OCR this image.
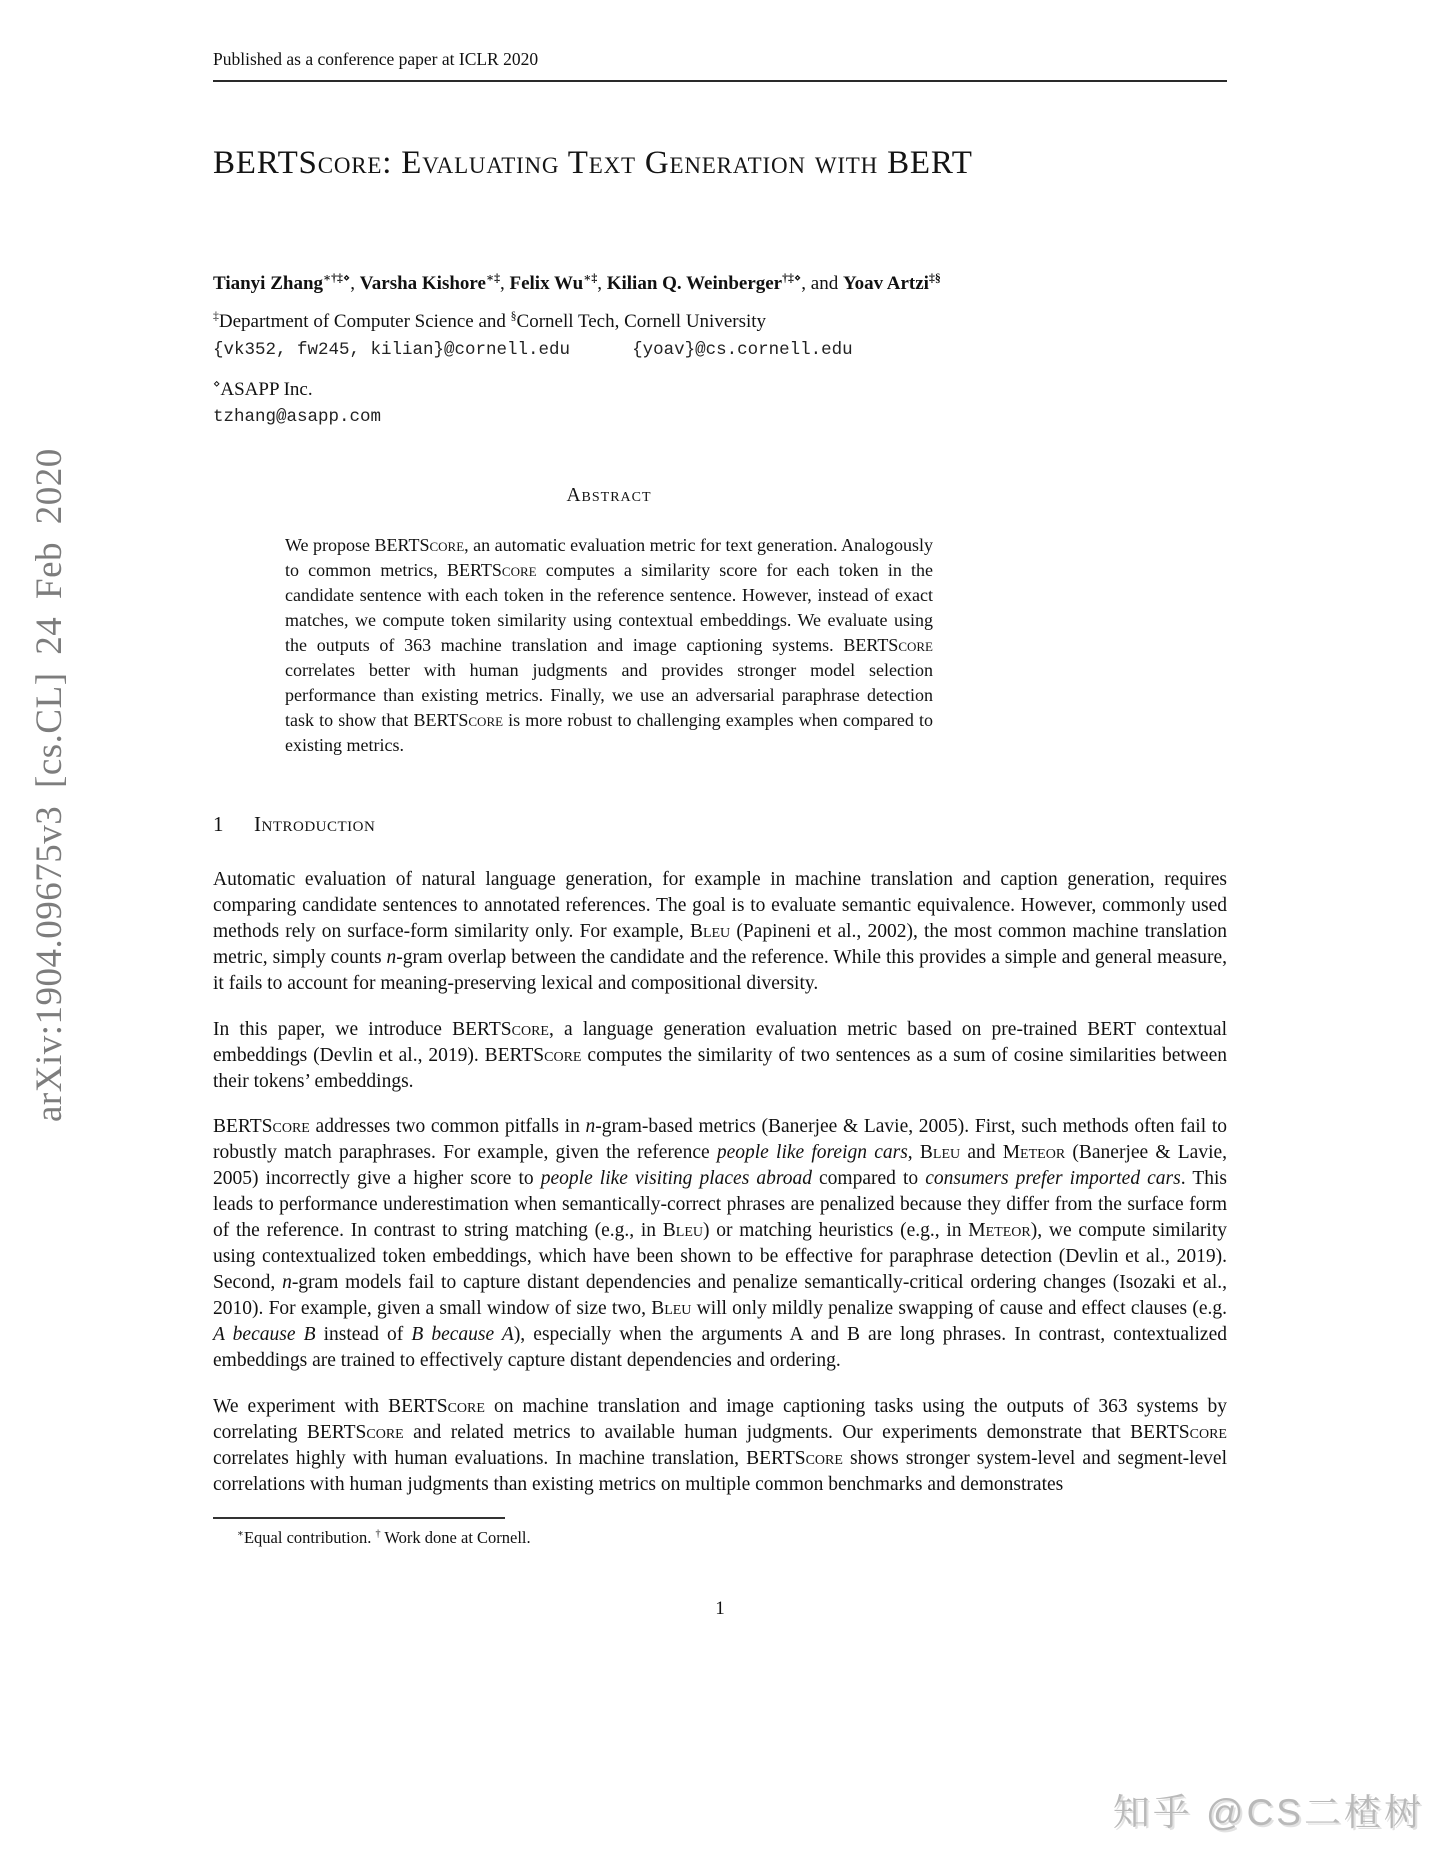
arXiv:1904.09675v3 [cs.CL] 24 Feb 2020
Published as a conference paper at ICLR 2020
BERTScore: Evaluating Text Generation with BERT
Tianyi Zhang∗†‡⋄, Varsha Kishore∗‡, Felix Wu∗‡, Kilian Q. Weinberger†‡⋄, and Yoav Artzi‡§
‡Department of Computer Science and §Cornell Tech, Cornell University
{vk352, fw245, kilian}@cornell.edu	{yoav}@cs.cornell.edu
⋄ASAPP Inc.
tzhang@asapp.com
Abstract
We propose BERTScore, an automatic evaluation metric for text generation. Analogously to common metrics, BERTScore computes a similarity score for each token in the candidate sentence with each token in the reference sentence. However, instead of exact matches, we compute token similarity using contextual embeddings. We evaluate using the outputs of 363 machine translation and image captioning systems. BERTScore correlates better with human judgments and provides stronger model selection performance than existing metrics. Finally, we use an adversarial paraphrase detection task to show that BERTScore is more robust to challenging examples when compared to existing metrics.
1 Introduction

Automatic evaluation of natural language generation, for example in machine translation and caption generation, requires comparing candidate sentences to annotated references. The goal is to evaluate semantic equivalence. However, commonly used methods rely on surface-form similarity only. For example, Bleu (Papineni et al., 2002), the most common machine translation metric, simply counts n-gram overlap between the candidate and the reference. While this provides a simple and general measure, it fails to account for meaning-preserving lexical and compositional diversity.

In this paper, we introduce BERTScore, a language generation evaluation metric based on pre-trained BERT contextual embeddings (Devlin et al., 2019). BERTScore computes the similarity of two sentences as a sum of cosine similarities between their tokens’ embeddings.

BERTScore addresses two common pitfalls in n-gram-based metrics (Banerjee & Lavie, 2005). First, such methods often fail to robustly match paraphrases. For example, given the reference people like foreign cars, Bleu and Meteor (Banerjee & Lavie, 2005) incorrectly give a higher score to people like visiting places abroad compared to consumers prefer imported cars. This leads to performance underestimation when semantically-correct phrases are penalized because they differ from the surface form of the reference. In contrast to string matching (e.g., in Bleu) or matching heuristics (e.g., in Meteor), we compute similarity using contextualized token embeddings, which have been shown to be effective for paraphrase detection (Devlin et al., 2019). Second, n-gram models fail to capture distant dependencies and penalize semantically-critical ordering changes (Isozaki et al., 2010). For example, given a small window of size two, Bleu will only mildly penalize swapping of cause and effect clauses (e.g. A because B instead of B because A), especially when the arguments A and B are long phrases. In contrast, contextualized embeddings are trained to effectively capture distant dependencies and ordering.

We experiment with BERTScore on machine translation and image captioning tasks using the outputs of 363 systems by correlating BERTScore and related metrics to available human judgments. Our experiments demonstrate that BERTScore correlates highly with human evaluations. In machine translation, BERTScore shows stronger system-level and segment-level correlations with human judgments than existing metrics on multiple common benchmarks and demonstrates

∗Equal contribution. † Work done at Cornell.
1
知乎 @CS二楂树
